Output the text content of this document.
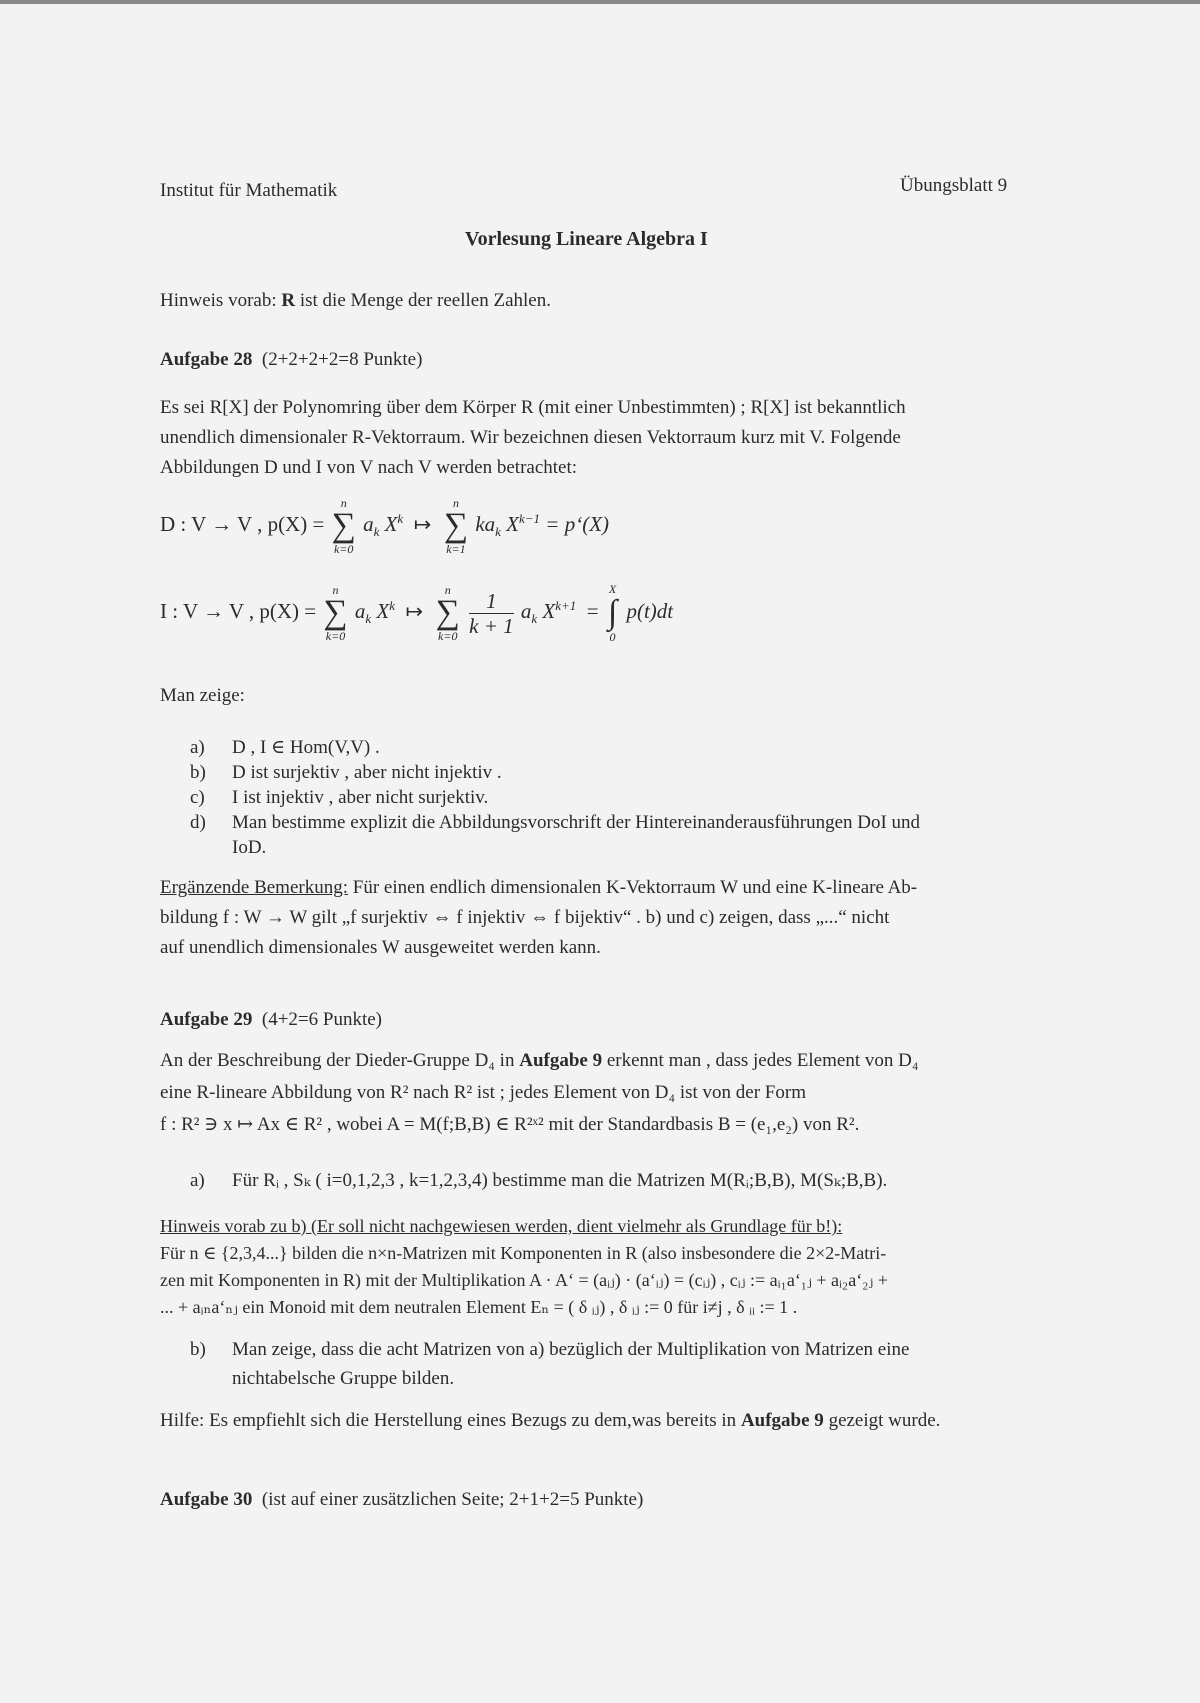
Institut für Mathematik	Übungsblatt 9
Vorlesung Lineare Algebra I
Hinweis vorab: R ist die Menge der reellen Zahlen.
Aufgabe 28 (2+2+2+2=8 Punkte)
Es sei R[X] der Polynomring über dem Körper R (mit einer Unbestimmten) ; R[X] ist bekanntlich
unendlich dimensionaler R-Vektorraum. Wir bezeichnen diesen Vektorraum kurz mit V. Folgende
Abbildungen D und I von V nach V werden betrachtet:
D : V → V , p(X) =
n
∑
k=0
$a_k$ $X^k$ ↦
n
∑
k=1
$ka_k$ $X^{k-1}$ = p‘(X)
I : V → V , p(X) =
n
∑
k=0
$a_k$ $X^k$ ↦
n
∑
k=0
$\frac{1}{k + 1} a_k$ $X^{k+1}$  =
X
∫
0
p(t)dt
Man zeige:
a)	D , I ∈ Hom(V,V) .
b)	D ist surjektiv , aber nicht injektiv .
c)	I ist injektiv , aber nicht surjektiv.
d)	Man bestimme explizit die Abbildungsvorschrift der Hintereinanderausführungen DoI und
IoD.
Ergänzende Bemerkung: Für einen endlich dimensionalen K-Vektorraum W und eine K-lineare Ab-
bildung f : W → W gilt „f surjektiv ⇔ f injektiv ⇔ f bijektiv“ . b) und c) zeigen, dass „...“ nicht
auf unendlich dimensionales W ausgeweitet werden kann.
Aufgabe 29 (4+2=6 Punkte)
An der Beschreibung der Dieder-Gruppe D₄ in Aufgabe 9 erkennt man , dass jedes Element von D₄
eine R-lineare Abbildung von R² nach R² ist ; jedes Element von D₄ ist von der Form
f : R² ∋ x ↦ Ax ∈ R² , wobei A = M(f;B,B) ∈ R²ˣ² mit der Standardbasis B = (e₁,e₂) von R².
a)	Für Rᵢ , Sₖ ( i=0,1,2,3 , k=1,2,3,4) bestimme man die Matrizen M(Rᵢ;B,B), M(Sₖ;B,B).
Hinweis vorab zu b) (Er soll nicht nachgewiesen werden, dient vielmehr als Grundlage für b!):
Für n ∈ {2,3,4...} bilden die n×n-Matrizen mit Komponenten in R (also insbesondere die 2×2-Matri-
zen mit Komponenten in R) mit der Multiplikation A · A‘ = (aᵢⱼ) · (a‘ᵢⱼ) = (cᵢⱼ) , cᵢⱼ := aᵢ₁a‘₁ⱼ + aᵢ₂a‘₂ⱼ +
... + aᵢₙa‘ₙⱼ ein Monoid mit dem neutralen Element Eₙ = ( δ ᵢⱼ) , δ ᵢⱼ := 0 für i≠j , δ ᵢᵢ := 1 .
b)	Man zeige, dass die acht Matrizen von a) bezüglich der Multiplikation von Matrizen eine
nichtabelsche Gruppe bilden.
Hilfe: Es empfiehlt sich die Herstellung eines Bezugs zu dem,was bereits in Aufgabe 9 gezeigt wurde.
Aufgabe 30 (ist auf einer zusätzlichen Seite; 2+1+2=5 Punkte)
